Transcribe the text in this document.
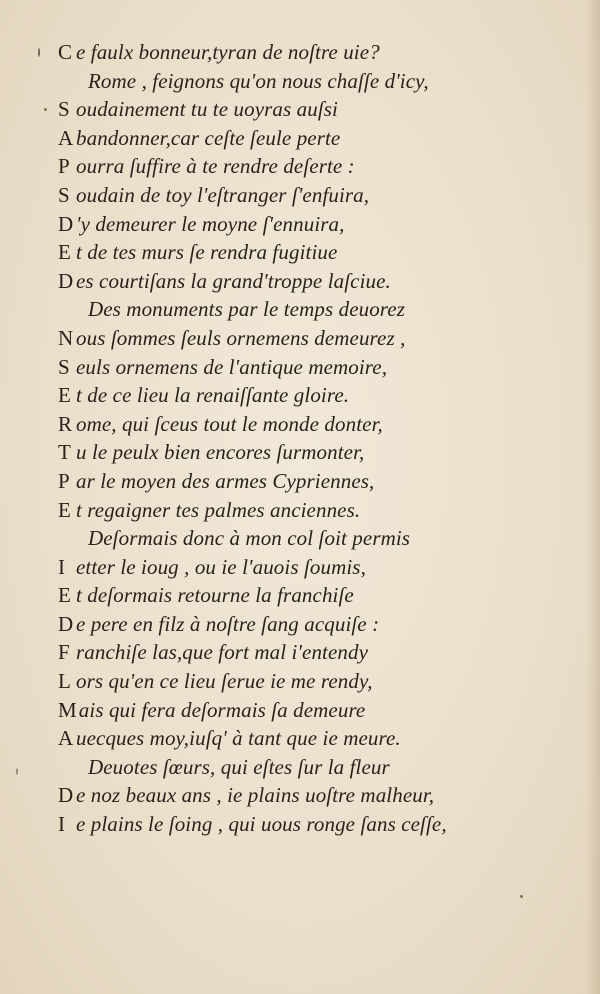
C e faulx bonneur,tyran de noſtre uie?
Rome , feignons qu'on nous chaſſe d'icy,
S oudainement tu te uoyras auſsi
A bandonner,car ceſte ſeule perte
P ourra ſuffire à te rendre deſerte :
S oudain de toy l'eſtranger ſ'enfuira,
D 'y demeurer le moyne ſ'ennuira,
E t de tes murs ſe rendra fugitiue
D es courtiſans la grand'troppe laſciue.
Des monuments par le temps deuorez
N ous ſommes ſeuls ornemens demeurez ,
S euls ornemens de l'antique memoire,
E t de ce lieu la renaiſſante gloire.
R ome, qui ſceus tout le monde donter,
T u le peulx bien encores ſurmonter,
P ar le moyen des armes Cypriennes,
E t regaigner tes palmes anciennes.
Deſormais donc à mon col ſoit permis
I etter le ioug , ou ie l'auois ſoumis,
E t deſormais retourne la franchiſe
D e pere en filz à noſtre ſang acquiſe :
F ranchiſe las,que fort mal i'entendy
L ors qu'en ce lieu ſerue ie me rendy,
Mais qui fera deſormais ſa demeure
A uecques moy,iuſq' à tant que ie meure.
Deuotes ſœurs, qui eſtes ſur la fleur
D e noz beaux ans , ie plains uoſtre malheur,
I e plains le ſoing , qui uous ronge ſans ceſſe,
